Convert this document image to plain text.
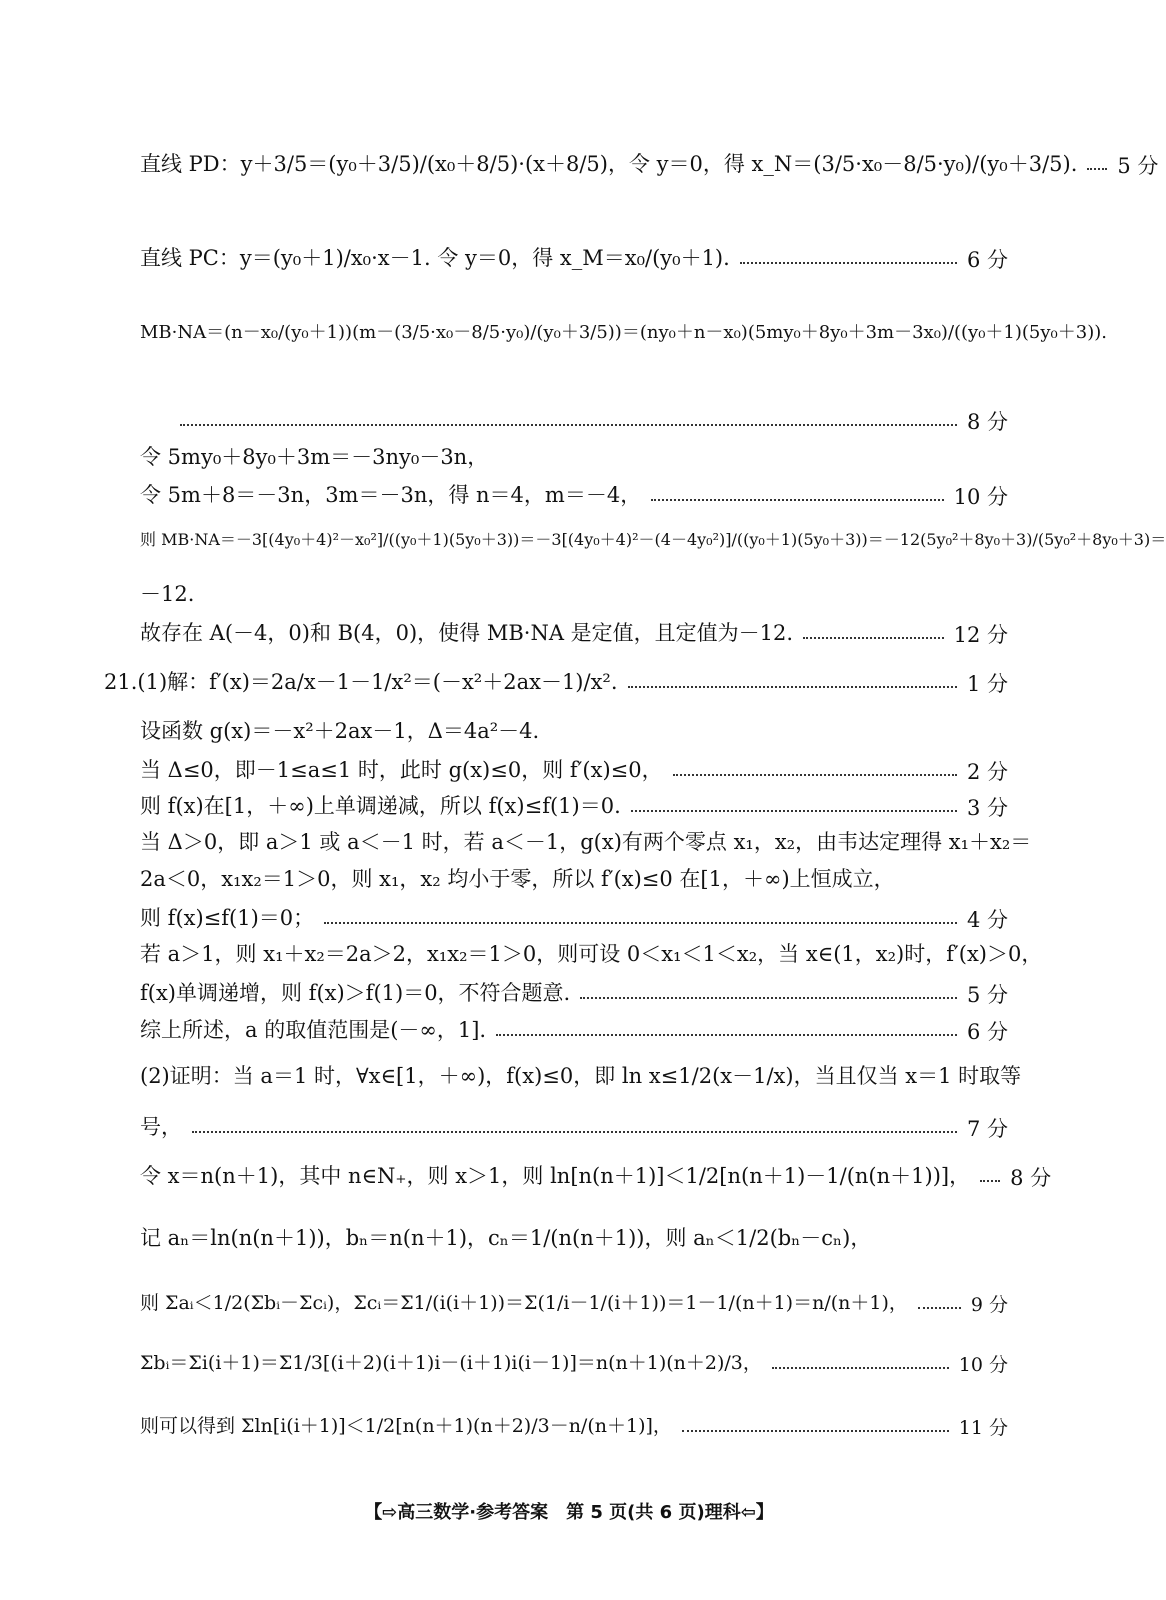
直线 PD：y＋3/5＝(y₀＋3/5)/(x₀＋8/5)·(x＋8/5)，令 y＝0，得 x_N＝(3/5·x₀－8/5·y₀)/(y₀＋3/5). 5 分
直线 PC：y＝(y₀＋1)/x₀·x－1. 令 y＝0，得 x_M＝x₀/(y₀＋1).	6 分
MB·NA＝(n－x₀/(y₀＋1))(m－(3/5·x₀－8/5·y₀)/(y₀＋3/5))＝(ny₀＋n－x₀)(5my₀＋8y₀＋3m－3x₀)/((y₀＋1)(5y₀＋3)).
8 分
令 5my₀＋8y₀＋3m＝－3ny₀－3n，
令 5m＋8＝－3n，3m＝－3n，得 n＝4，m＝－4，	10 分
则 MB·NA＝－3[(4y₀＋4)²－x₀²]/((y₀＋1)(5y₀＋3))＝－3[(4y₀＋4)²－(4－4y₀²)]/((y₀＋1)(5y₀＋3))＝－12(5y₀²＋8y₀＋3)/(5y₀²＋8y₀＋3)＝
－12.
故存在 A(－4，0)和 B(4，0)，使得 MB·NA 是定值，且定值为－12.	12 分
21.(1)解：f′(x)＝2a/x－1－1/x²＝(－x²＋2ax－1)/x².	1 分
设函数 g(x)＝－x²＋2ax－1，Δ＝4a²－4.
当 Δ≤0，即－1≤a≤1 时，此时 g(x)≤0，则 f′(x)≤0，	2 分
则 f(x)在[1，＋∞)上单调递减，所以 f(x)≤f(1)＝0.	3 分
当 Δ＞0，即 a＞1 或 a＜－1 时，若 a＜－1，g(x)有两个零点 x₁，x₂，由韦达定理得 x₁＋x₂＝
2a＜0，x₁x₂＝1＞0，则 x₁，x₂ 均小于零，所以 f′(x)≤0 在[1，＋∞)上恒成立，
则 f(x)≤f(1)＝0；	4 分
若 a＞1，则 x₁＋x₂＝2a＞2，x₁x₂＝1＞0，则可设 0＜x₁＜1＜x₂，当 x∈(1，x₂)时，f′(x)＞0，
f(x)单调递增，则 f(x)＞f(1)＝0，不符合题意.	5 分
综上所述，a 的取值范围是(－∞，1].	6 分
(2)证明：当 a＝1 时，∀x∈[1，＋∞)，f(x)≤0，即 ln x≤1/2(x－1/x)，当且仅当 x＝1 时取等
号，	7 分
令 x＝n(n＋1)，其中 n∈N₊，则 x＞1，则 ln[n(n＋1)]＜1/2[n(n＋1)－1/(n(n＋1))]， 8 分
记 aₙ＝ln(n(n＋1))，bₙ＝n(n＋1)，cₙ＝1/(n(n＋1))，则 aₙ＜1/2(bₙ－cₙ)，
则 Σaᵢ＜1/2(Σbᵢ－Σcᵢ)，Σcᵢ＝Σ1/(i(i＋1))＝Σ(1/i－1/(i＋1))＝1－1/(n＋1)＝n/(n＋1)，	9 分
Σbᵢ＝Σi(i＋1)＝Σ1/3[(i＋2)(i＋1)i－(i＋1)i(i－1)]＝n(n＋1)(n＋2)/3，	10 分
则可以得到 Σln[i(i＋1)]＜1/2[n(n＋1)(n＋2)/3－n/(n＋1)]，	11 分
【⇨高三数学·参考答案　第 5 页(共 6 页)理科⇦】
